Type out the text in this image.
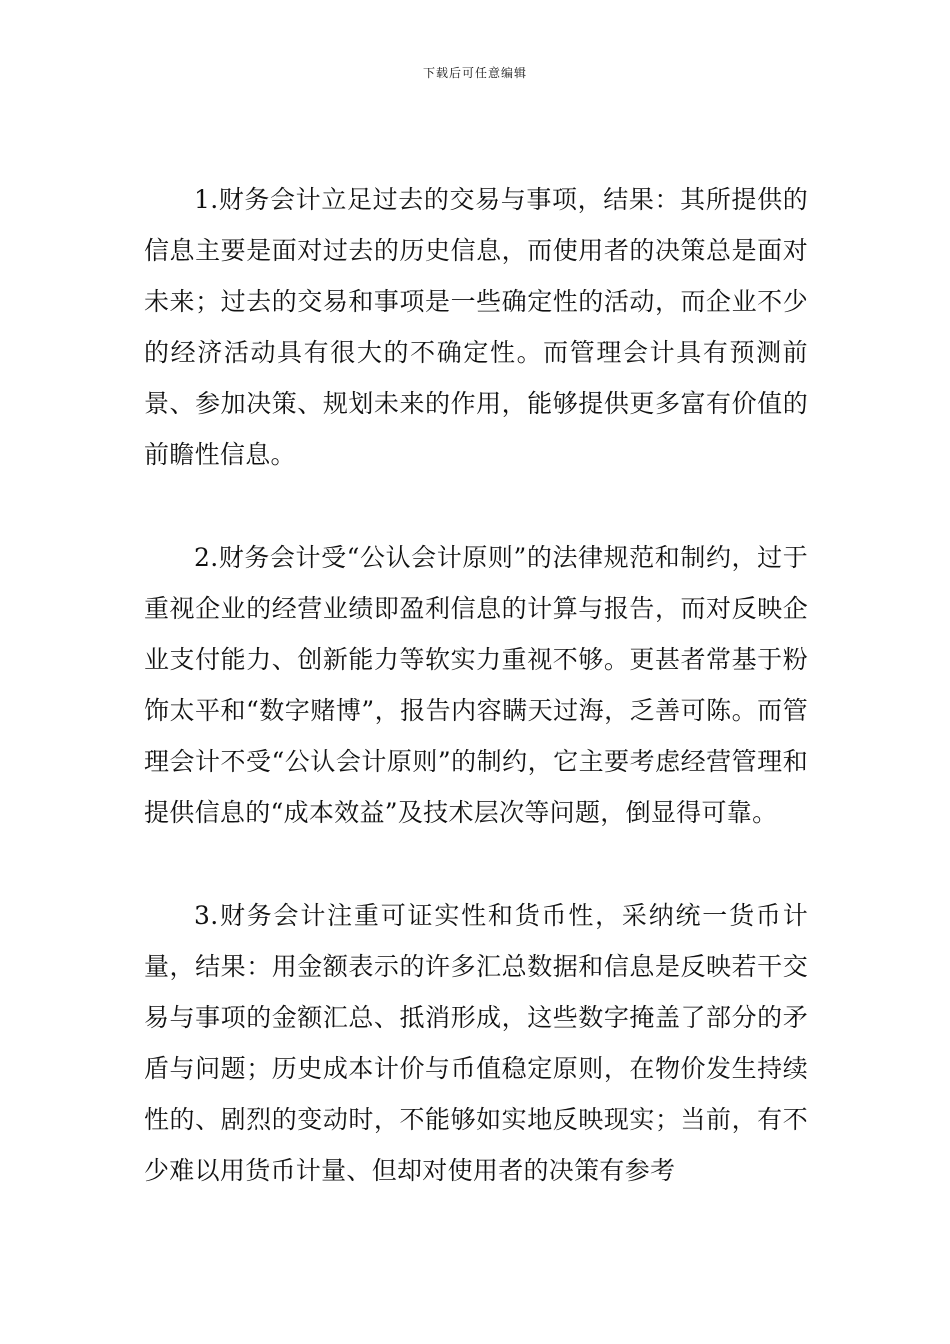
下载后可任意编辑

1.财务会计立足过去的交易与事项，结果：其所提供的信息主要是面对过去的历史信息，而使用者的决策总是面对未来；过去的交易和事项是一些确定性的活动，而企业不少的经济活动具有很大的不确定性。而管理会计具有预测前景、参加决策、规划未来的作用，能够提供更多富有价值的前瞻性信息。

2.财务会计受“公认会计原则”的法律规范和制约，过于重视企业的经营业绩即盈利信息的计算与报告，而对反映企业支付能力、创新能力等软实力重视不够。更甚者常基于粉饰太平和“数字赌博”，报告内容瞒天过海，乏善可陈。而管理会计不受“公认会计原则”的制约，它主要考虑经营管理和提供信息的“成本效益”及技术层次等问题，倒显得可靠。

3.财务会计注重可证实性和货币性，采纳统一货币计量，结果：用金额表示的许多汇总数据和信息是反映若干交易与事项的金额汇总、抵消形成，这些数字掩盖了部分的矛盾与问题；历史成本计价与币值稳定原则，在物价发生持续性的、剧烈的变动时，不能够如实地反映现实；当前，有不少难以用货币计量、但却对使用者的决策有参考
